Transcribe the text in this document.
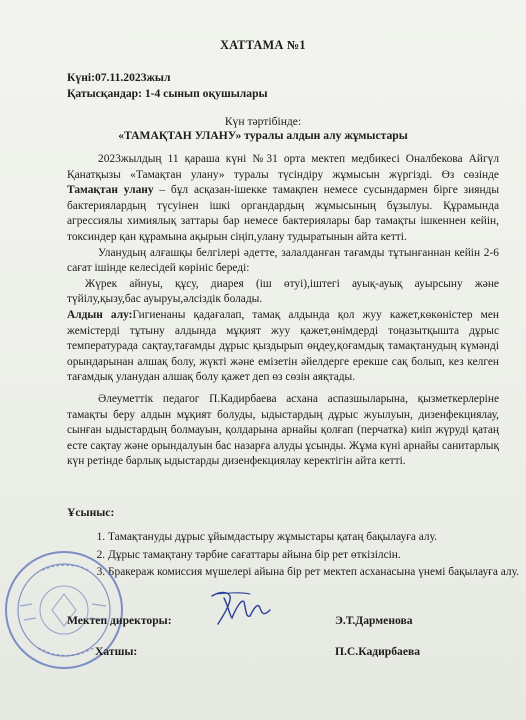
ХАТТАМА №1
Күні:07.11.2023жыл
Қатысқандар: 1-4 сынып оқушылары
Күн тәртібінде:
«ТАМАҚТАН УЛАНУ» туралы алдын алу жұмыстары

2023жылдың 11 қараша күні №31 орта мектеп медбикесі Оналбекова Айгүл Қанатқызы «Тамақтан улану» туралы түсіндіру жұмысын жүргізді. Өз сөзінде Тамақтан улану – бұл асқазан-ішекке тамақпен немесе сусындармен бірге зиянды бактериялардың түсуінен ішкі органдардың жұмысының бұзылуы. Құрамында агрессиялы химиялық заттары бар немесе бактериялары бар тамақты ішкеннен кейін, токсиндер қан құрамына ақырын сіңіп,улану тудыратынын айта кетті.

Уланудың алғашқы белгілері әдетте, залалданған тағамды тұтынғаннан кейін 2-6 сағат ішінде келесідей көрініс береді:

Жүрек айнуы, құсу, диарея (іш өтуі),іштегі ауық-ауық ауырсыну және түйілу,қызу,бас ауыруы,әлсіздік болады.

Алдын алу:Гигиенаны қадағалап, тамақ алдында қол жуу кажет,көкөністер мен жемістерді тұтыну алдында мұқият жуу қажет,өнімдерді тоңазытқышта дұрыс температурада сақтау,тағамды дұрыс қыздырып өңдеу,қоғамдық тамақтанудың күмәнді орындарынан алшақ болу, жүкті және емізетін әйелдерге ерекше сақ болып, кез келген тағамдық уланудан алшақ болу қажет деп өз сөзін аяқтады.

Әлеуметтік педагог П.Кадирбаева асхана аспазшыларына, қызметкерлеріне тамақты беру алдын мұқият болуды, ыдыстардың дұрыс жуылуын, дизенфекциялау, сынған ыдыстардың болмауын, қолдарына арнайы қолғап (перчатка) киіп жүруді қатаң есте сақтау және орындалуын бас назарға алуды ұсынды. Жұма күні арнайы санитарлық күн ретінде барлық ыдыстарды дизенфекциялау керектігін айта кетті.

Ұсыныс:
1. Тамақтануды дұрыс ұйымдастыру жұмыстары қатаң бақылауға алу.
2. Дұрыс тамақтану тәрбие сағаттары айына бір рет өткізілсін.
3. Бракераж комиссия мүшелері айына бір рет мектеп асханасына үнемі бақылауға алу.
Мектеп директоры:	Э.Т.Дарменова
Хатшы:	П.С.Кадирбаева
